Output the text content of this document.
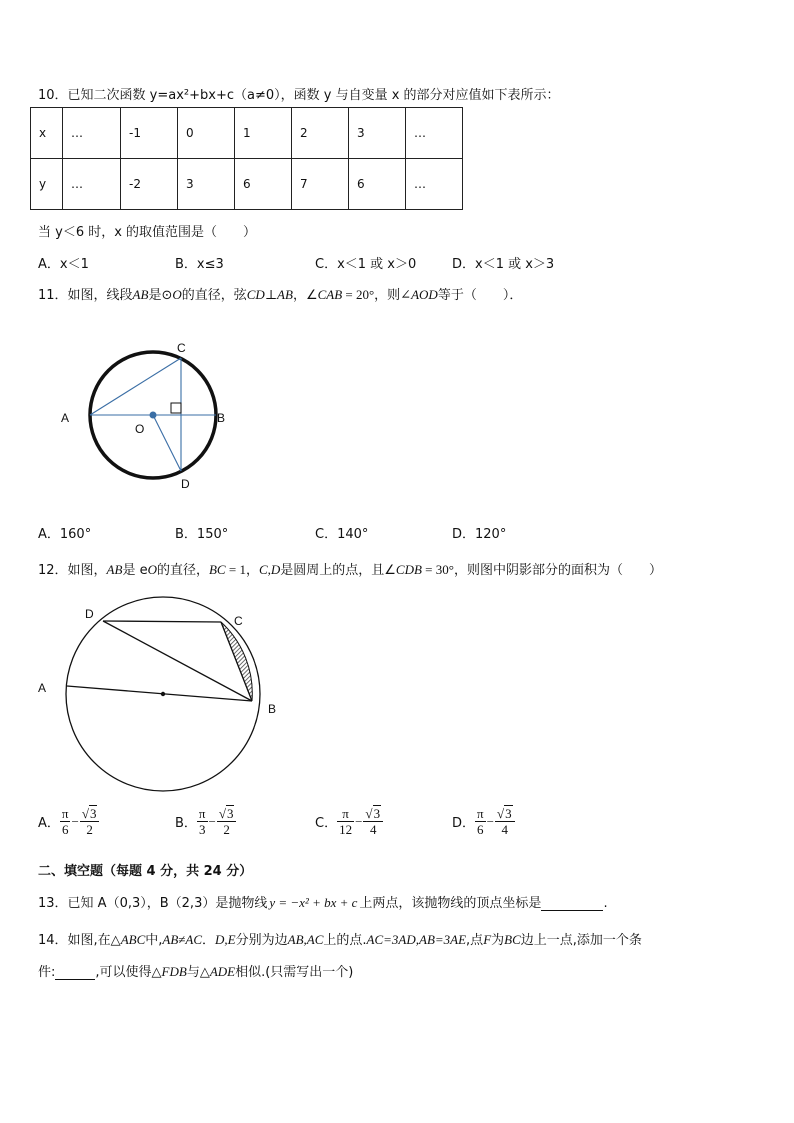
10．已知二次函数 y=ax²+bx+c（a≠0），函数 y 与自变量 x 的部分对应值如下表所示：
x	…	-1	0	1	2	3	…
y	…	-2	3	6	7	6	…
当 y＜6 时，x 的取值范围是（　　）
A．x＜1	B．x≤3	C．x＜1 或 x＞0	D．x＜1 或 x＞3
11．如图，线段AB是⊙O的直径，弦CD⊥AB，∠CAB = 20°，则∠AOD等于（　　）．
A	B
C
D
O
A．160°	B．150°	C．140°	D．120°
12．如图，AB是 eO的直径，BC = 1，C,D是圆周上的点，且∠CDB = 30°，则图中阴影部分的面积为（　　）
A
B
C
D
A． $\frac{\pi}{6} - \frac{√3}{2}$	B． $\frac{\pi}{3} - \frac{√3}{2}$	C． $\frac{\pi}{12} - \frac{√3}{4}$	D． $\frac{\pi}{6} - \frac{√3}{4}$
二、填空题（每题 4 分，共 24 分）
13．已知 A（0,3），B（2,3）是抛物线 y = −x² + bx + c 上两点，该抛物线的顶点坐标是	.
14．如图,在△ABC中,AB≠AC．D,E分别为边AB,AC上的点.AC=3AD,AB=3AE,点F为BC边上一点,添加一个条
件:	,可以使得△FDB与△ADE相似.(只需写出一个)
